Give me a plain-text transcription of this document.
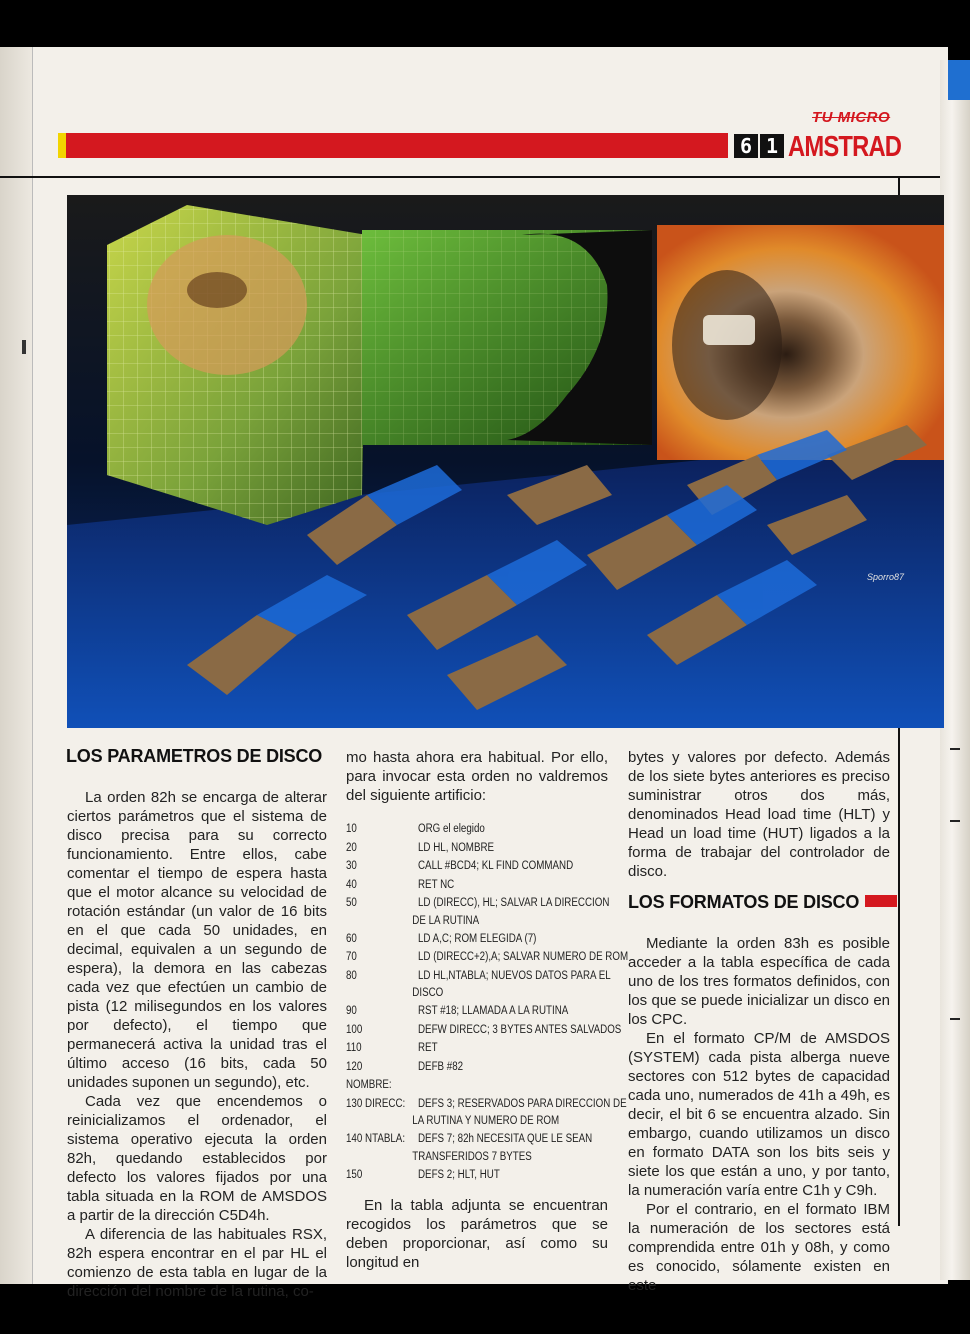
TU MICRO
6 1 AMSTRAD
Sporro87
LOS PARAMETROS DE DISCO

La orden 82h se encarga de alterar ciertos parámetros que el sistema de disco precisa para su correcto funcionamiento. Entre ellos, cabe comentar el tiempo de espera hasta que el motor alcance su velocidad de rotación estándar (un valor de 16 bits en el que cada 50 unidades, en decimal, equivalen a un segundo de espera), la demora en las cabezas cada vez que efectúen un cambio de pista (12 milisegundos en los valores por defecto), el tiempo que permanecerá activa la unidad tras el último acceso (16 bits, cada 50 unidades suponen un segundo), etc.

Cada vez que encendemos o reinicializamos el ordenador, el sistema operativo ejecuta la orden 82h, quedando establecidos por defecto los valores fijados por una tabla situada en la ROM de AMSDOS a partir de la dirección C5D4h.

A diferencia de las habituales RSX, 82h espera encontrar en el par HL el comienzo de esta tabla en lugar de la dirección del nombre de la rutina, co-

mo hasta ahora era habitual. Por ello, para invocar esta orden no valdremos del siguiente artificio:

10	ORG el elegido
20	LD HL, NOMBRE
30	CALL #BCD4; KL FIND COMMAND
40	RET NC
50	LD (DIRECC), HL; SALVAR LA DIRECCION
DE LA RUTINA
60	LD A,C; ROM ELEGIDA (7)
70	LD (DIRECC+2),A; SALVAR NUMERO DE ROM
80	LD HL,NTABLA; NUEVOS DATOS PARA EL
DISCO
90	RST #18; LLAMADA A LA RUTINA
100	DEFW DIRECC; 3 BYTES ANTES SALVADOS
110	RET
120 NOMBRE:
DEFB #82
130 DIRECC: DEFS 3; RESERVADOS PARA DIRECCION DE
LA RUTINA Y NUMERO DE ROM
140 NTABLA: DEFS 7; 82h NECESITA QUE LE SEAN
TRANSFERIDOS 7 BYTES
150	DEFS 2; HLT, HUT

En la tabla adjunta se encuentran recogidos los parámetros que se deben proporcionar, así como su longitud en

bytes y valores por defecto. Además de los siete bytes anteriores es preciso suministrar otros dos más, denominados Head load time (HLT) y Head un load time (HUT) ligados a la forma de trabajar del controlador de disco.

LOS FORMATOS DE DISCO

Mediante la orden 83h es posible acceder a la tabla específica de cada uno de los tres formatos definidos, con los que se puede inicializar un disco en los CPC.

En el formato CP/M de AMSDOS (SYSTEM) cada pista alberga nueve sectores con 512 bytes de capacidad cada uno, numerados de 41h a 49h, es decir, el bit 6 se encuentra alzado. Sin embargo, cuando utilizamos un disco en formato DATA son los bits seis y siete los que están a uno, y por tanto, la numeración varía entre C1h y C9h.

Por el contrario, en el formato IBM la numeración de los sectores está comprendida entre 01h y 08h, y como es conocido, sólamente existen en este
